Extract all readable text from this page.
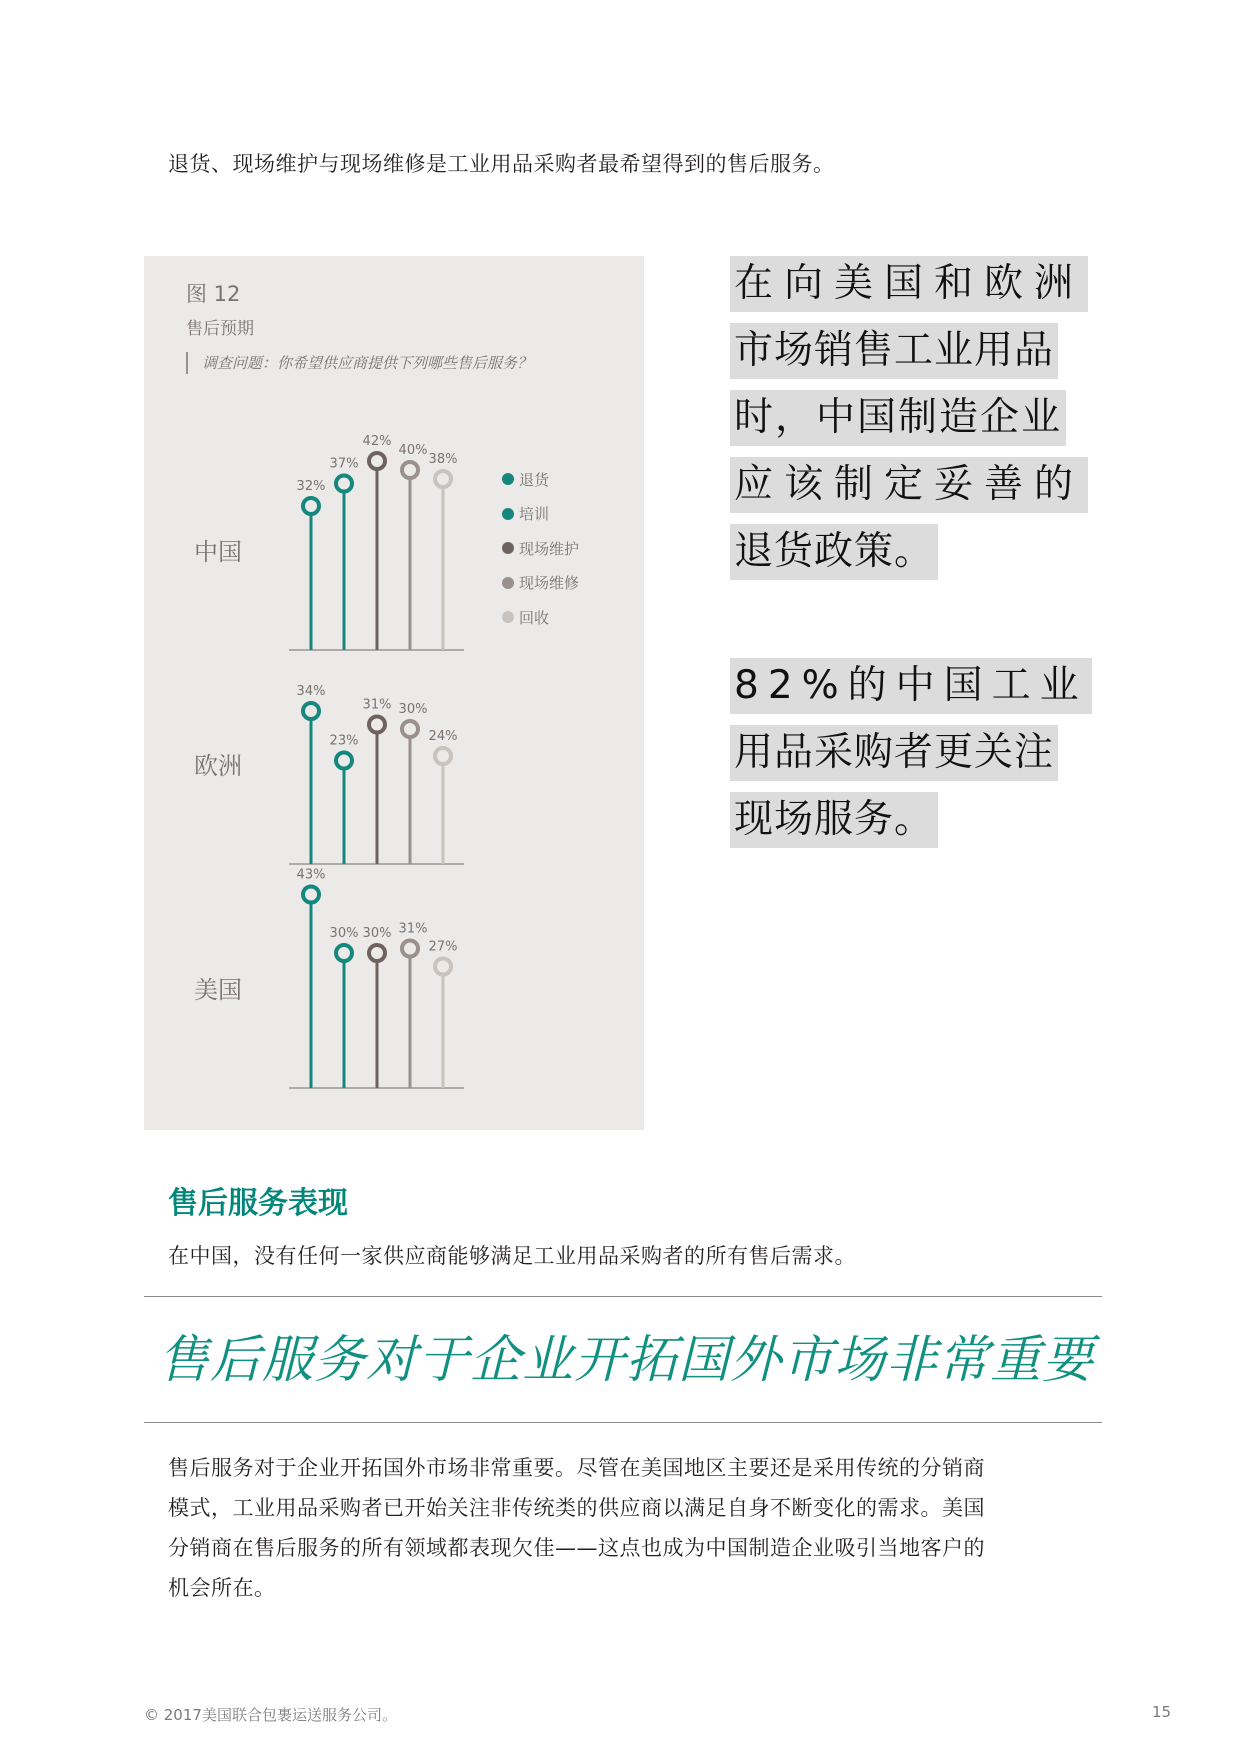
退货、现场维护与现场维修是工业用品采购者最希望得到的售后服务。
图 12
售后预期
调查问题：你希望供应商提供下列哪些售后服务？
中国
32%
37%
42%
40%
38%
欧洲
34%
23%
31% 30%
24%
美国
43%
30% 30% 31%
27%
退货
培训
现场维护
现场维修
回收
在向美国和欧洲
市场销售工业用品
时，中国制造企业
应该制定妥善的
退货政策。
82%的中国工业
用品采购者更关注
现场服务。
售后服务表现
在中国，没有任何一家供应商能够满足工业用品采购者的所有售后需求。
售后服务对于企业开拓国外市场非常重要
售后服务对于企业开拓国外市场非常重要。尽管在美国地区主要还是采用传统的分销商
模式，工业用品采购者已开始关注非传统类的供应商以满足自身不断变化的需求。美国
分销商在售后服务的所有领域都表现欠佳——这点也成为中国制造企业吸引当地客户的
机会所在。
© 2017美国联合包裹运送服务公司。	15
